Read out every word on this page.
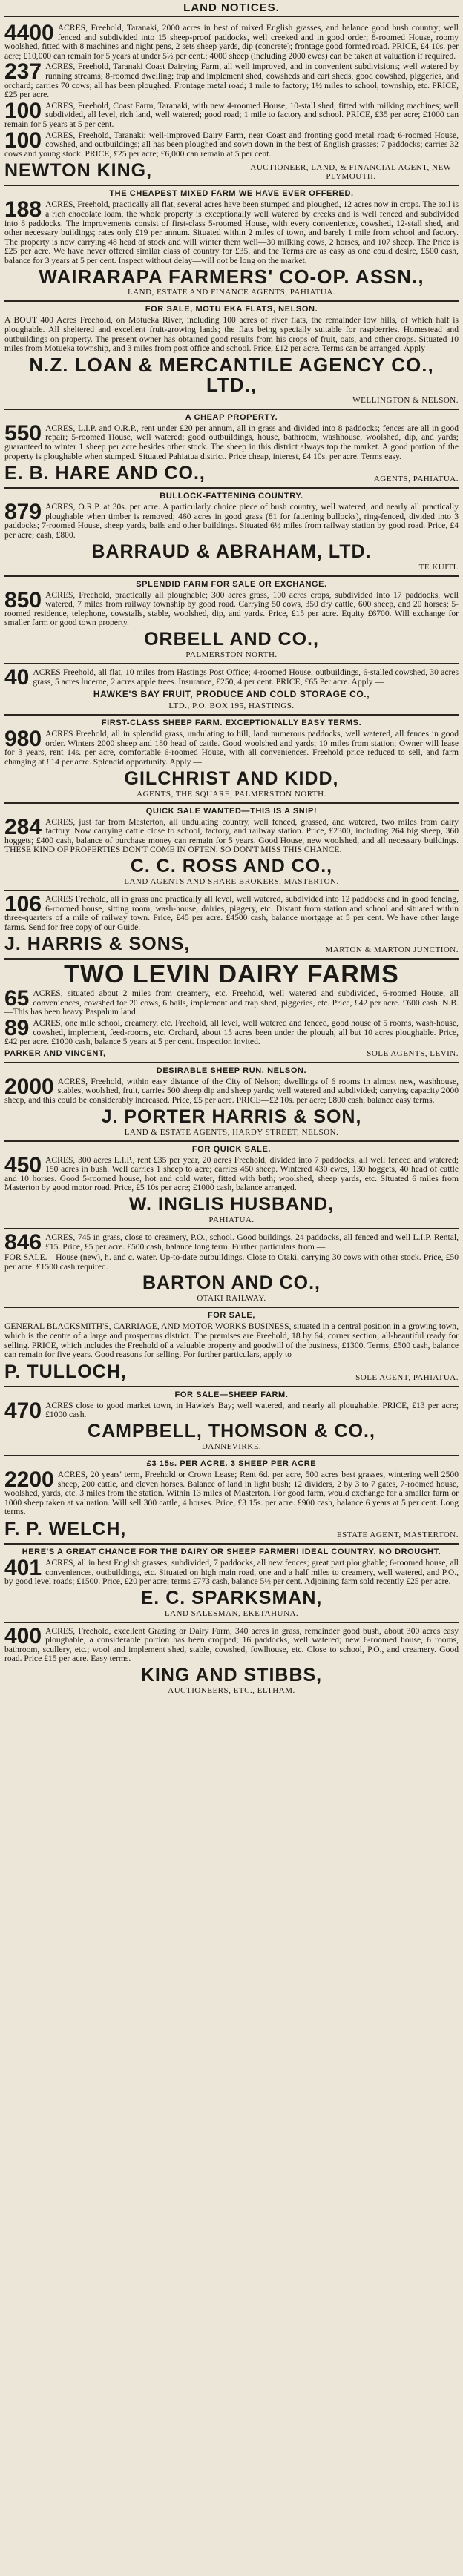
LAND NOTICES.
4400 ACRES, Freehold, Taranaki, 2000 acres in best of mixed English grasses, and balance good bush country; well fenced and subdivided into 15 sheep-proof paddocks, well creeked and in good order; 8-roomed House, roomy woolshed, fitted with 8 machines and night pens, 2 sets sheep yards, dip (concrete); frontage good formed road. PRICE, £4 10s. per acre; £10,000 can remain for 5 years at under 5½ per cent.; 4000 sheep (including 2000 ewes) can be taken at valuation if required.
237 ACRES, Freehold, Taranaki Coast Dairying Farm, all well improved, and in convenient subdivisions; well watered by running streams; 8-roomed dwelling; trap and implement shed, cowsheds and cart sheds, good cowshed, piggeries, and orchard; carries 70 cows; all has been ploughed. Frontage metal road; 1 mile to factory; 1½ miles to school, township, etc. PRICE, £25 per acre.
100 ACRES, Freehold, Coast Farm, Taranaki, with new 4-roomed House, 10-stall shed, fitted with milking machines; well subdivided, all level, rich land, well watered; good road; 1 mile to factory and school. PRICE, £35 per acre; £1000 can remain for 5 years at 5 per cent.
100 ACRES, Freehold, Taranaki; well-improved Dairy Farm, near Coast and fronting good metal road; 6-roomed House, cowshed, and outbuildings; all has been ploughed and sown down in the best of English grasses; 7 paddocks; carries 32 cows and young stock. PRICE, £25 per acre; £6,000 can remain at 5 per cent.
NEWTON KING,	AUCTIONEER, LAND, & FINANCIAL AGENT, NEW PLYMOUTH.
THE CHEAPEST MIXED FARM WE HAVE EVER OFFERED.
188 ACRES, Freehold, practically all flat, several acres have been stumped and ploughed, 12 acres now in crops. The soil is a rich chocolate loam, the whole property is exceptionally well watered by creeks and is well fenced and subdivided into 8 paddocks. The improvements consist of first-class 5-roomed House, with every convenience, cowshed, 12-stall shed, and other necessary buildings; rates only £19 per annum. Situated within 2 miles of town, and barely 1 mile from school and factory. The property is now carrying 48 head of stock and will winter them well—30 milking cows, 2 horses, and 107 sheep. The Price is £25 per acre. We have never offered similar class of country for £35, and the Terms are as easy as one could desire, £500 cash, balance for 3 years at 5 per cent. Inspect without delay—will not be long on the market.
WAIRARAPA FARMERS' CO-OP. ASSN.,
LAND, ESTATE AND FINANCE AGENTS, PAHIATUA.
FOR SALE, MOTU EKA FLATS, NELSON.
A BOUT 400 Acres Freehold, on Motueka River, including 100 acres of river flats, the remainder low hills, of which half is ploughable. All sheltered and excellent fruit-growing lands; the flats being specially suitable for raspberries. Homestead and outbuildings on property. The present owner has obtained good results from his crops of fruit, oats, and other crops. Situated 10 miles from Motueka township, and 3 miles from post office and school. Price, £12 per acre. Terms can be arranged. Apply —
N.Z. LOAN & MERCANTILE AGENCY CO., LTD.,
WELLINGTON & NELSON.
A CHEAP PROPERTY.
550 ACRES, L.I.P. and O.R.P., rent under £20 per annum, all in grass and divided into 8 paddocks; fences are all in good repair; 5-roomed House, well watered; good outbuildings, house, bathroom, washhouse, woolshed, dip, and yards; guaranteed to winter 1 sheep per acre besides other stock. The sheep in this district always top the market. A good portion of the property is ploughable when stumped. Situated Pahiatua district. Price cheap, interest, £4 10s. per acre. Terms easy.
E. B. HARE AND CO.,	AGENTS, PAHIATUA.
BULLOCK-FATTENING COUNTRY.
879 ACRES, O.R.P. at 30s. per acre. A particularly choice piece of bush country, well watered, and nearly all practically ploughable when timber is removed; 460 acres in good grass (81 for fattening bullocks), ring-fenced, divided into 3 paddocks; 7-roomed House, sheep yards, bails and other buildings. Situated 6½ miles from railway station by good road. Price, £4 per acre; cash, £800.
BARRAUD & ABRAHAM, LTD.
TE KUITI.
SPLENDID FARM FOR SALE OR EXCHANGE.
850 ACRES, Freehold, practically all ploughable; 300 acres grass, 100 acres crops, subdivided into 17 paddocks, well watered, 7 miles from railway township by good road. Carrying 50 cows, 350 dry cattle, 600 sheep, and 20 horses; 5-roomed residence, telephone, cowstalls, stable, woolshed, dip, and yards. Price, £15 per acre. Equity £6700. Will exchange for smaller farm or good town property.
ORBELL AND CO.,
PALMERSTON NORTH.
40 ACRES Freehold, all flat, 10 miles from Hastings Post Office; 4-roomed House, outbuildings, 6-stalled cowshed, 30 acres grass, 5 acres lucerne, 2 acres apple trees. Insurance, £250, 4 per cent. PRICE, £65 Per acre. Apply —
HAWKE'S BAY FRUIT, PRODUCE AND COLD STORAGE CO.,
LTD., P.O. BOX 195, HASTINGS.
FIRST-CLASS SHEEP FARM. EXCEPTIONALLY EASY TERMS.
980 ACRES Freehold, all in splendid grass, undulating to hill, land numerous paddocks, well watered, all fences in good order. Winters 2000 sheep and 180 head of cattle. Good woolshed and yards; 10 miles from station; Owner will lease for 3 years, rent 14s. per acre, comfortable 6-roomed House, with all conveniences. Freehold price reduced to sell, and farm changing at £14 per acre. Splendid opportunity. Apply —
GILCHRIST AND KIDD,
AGENTS, THE SQUARE, PALMERSTON NORTH.
QUICK SALE WANTED—THIS IS A SNIP!
284 ACRES, just far from Masterton, all undulating country, well fenced, grassed, and watered, two miles from dairy factory. Now carrying cattle close to school, factory, and railway station. Price, £2300, including 264 big sheep, 360 hoggets; £400 cash, balance of purchase money can remain for 5 years. Good House, new woolshed, and all necessary buildings. THESE KIND OF PROPERTIES DON'T COME IN OFTEN, SO DON'T MISS THIS CHANCE.
C. C. ROSS AND CO.,
LAND AGENTS AND SHARE BROKERS, MASTERTON.
106 ACRES Freehold, all in grass and practically all level, well watered, subdivided into 12 paddocks and in good fencing, 6-roomed house, sitting room, wash-house, dairies, piggery, etc. Distant from station and school and situated within three-quarters of a mile of railway town. Price, £45 per acre. £4500 cash, balance mortgage at 5 per cent. We have other large farms. Send for free copy of our Guide.
J. HARRIS & SONS,	MARTON & MARTON JUNCTION.
TWO LEVIN DAIRY FARMS
65 ACRES, situated about 2 miles from creamery, etc. Freehold, well watered and subdivided, 6-roomed House, all conveniences, cowshed for 20 cows, 6 bails, implement and trap shed, piggeries, etc. Price, £42 per acre. £600 cash. N.B.—This has been heavy Paspalum land.
89 ACRES, one mile school, creamery, etc. Freehold, all level, well watered and fenced, good house of 5 rooms, wash-house, cowshed, implement, feed-rooms, etc. Orchard, about 15 acres been under the plough, all but 10 acres ploughable. Price, £42 per acre. £1000 cash, balance 5 years at 5 per cent. Inspection invited.
PARKER AND VINCENT,	SOLE AGENTS, LEVIN.
DESIRABLE SHEEP RUN. NELSON.
2000 ACRES, Freehold, within easy distance of the City of Nelson; dwellings of 6 rooms in almost new, washhouse, stables, woolshed, fruit, carries 500 sheep dip and sheep yards; well watered and subdivided; carrying capacity 2000 sheep, and this could be considerably increased. Price, £5 per acre. PRICE—£2 10s. per acre; £800 cash, balance easy terms.
J. PORTER HARRIS & SON,
LAND & ESTATE AGENTS, HARDY STREET, NELSON.
FOR QUICK SALE.
450 ACRES, 300 acres L.I.P., rent £35 per year, 20 acres Freehold, divided into 7 paddocks, all well fenced and watered; 150 acres in bush. Well carries 1 sheep to acre; carries 450 sheep. Wintered 430 ewes, 130 hoggets, 40 head of cattle and 10 horses. Good 5-roomed house, hot and cold water, fitted with bath; woolshed, sheep yards, etc. Situated 6 miles from Masterton by good motor road. Price, £5 10s per acre; £1000 cash, balance arranged.
W. INGLIS HUSBAND,
PAHIATUA.
846 ACRES, 745 in grass, close to creamery, P.O., school. Good buildings, 24 paddocks, all fenced and well L.I.P. Rental, £15. Price, £5 per acre. £500 cash, balance long term. Further particulars from —
FOR SALE.—House (new), h. and c. water. Up-to-date outbuildings. Close to Otaki, carrying 30 cows with other stock. Price, £50 per acre. £1500 cash required.
BARTON AND CO.,
OTAKI RAILWAY.
FOR SALE,
GENERAL BLACKSMITH'S, CARRIAGE, AND MOTOR WORKS BUSINESS, situated in a central position in a growing town, which is the centre of a large and prosperous district. The premises are Freehold, 18 by 64; corner section; all-beautiful ready for selling. PRICE, which includes the Freehold of a valuable property and goodwill of the business, £1300. Terms, £500 cash, balance can remain for five years. Good reasons for selling. For further particulars, apply to —
P. TULLOCH,	SOLE AGENT, PAHIATUA.
FOR SALE—SHEEP FARM.
470 ACRES close to good market town, in Hawke's Bay; well watered, and nearly all ploughable. PRICE, £13 per acre; £1000 cash.
CAMPBELL, THOMSON & CO.,
DANNEVIRKE.
£3 15s. PER ACRE. 3 SHEEP PER ACRE
2200 ACRES, 20 years' term, Freehold or Crown Lease; Rent 6d. per acre, 500 acres best grasses, wintering well 2500 sheep, 200 cattle, and eleven horses. Balance of land in light bush; 12 dividers, 2 by 3 to 7 gates, 7-roomed house, woolshed, yards, etc. 3 miles from the station. Within 13 miles of Masterton. For good farm, would exchange for a smaller farm or 1000 sheep taken at valuation. Will sell 300 cattle, 4 horses. Price, £3 15s. per acre. £900 cash, balance 6 years at 5 per cent. Long terms.
F. P. WELCH,	ESTATE AGENT, MASTERTON.
HERE'S A GREAT CHANCE FOR THE DAIRY OR SHEEP FARMER! IDEAL COUNTRY. NO DROUGHT.
401 ACRES, all in best English grasses, subdivided, 7 paddocks, all new fences; great part ploughable; 6-roomed house, all conveniences, outbuildings, etc. Situated on high main road, one and a half miles to creamery, well watered, and P.O., by good level roads; £1500. Price, £20 per acre; terms £773 cash, balance 5½ per cent. Adjoining farm sold recently £25 per acre.
E. C. SPARKSMAN,
LAND SALESMAN, EKETAHUNA.
400 ACRES, Freehold, excellent Grazing or Dairy Farm, 340 acres in grass, remainder good bush, about 300 acres easy ploughable, a considerable portion has been cropped; 16 paddocks, well watered; new 6-roomed house, 6 rooms, bathroom, scullery, etc.; wool and implement shed, stable, cowshed, fowlhouse, etc. Close to school, P.O., and creamery. Good road. Price £15 per acre. Easy terms.
KING AND STIBBS,
AUCTIONEERS, ETC., ELTHAM.
